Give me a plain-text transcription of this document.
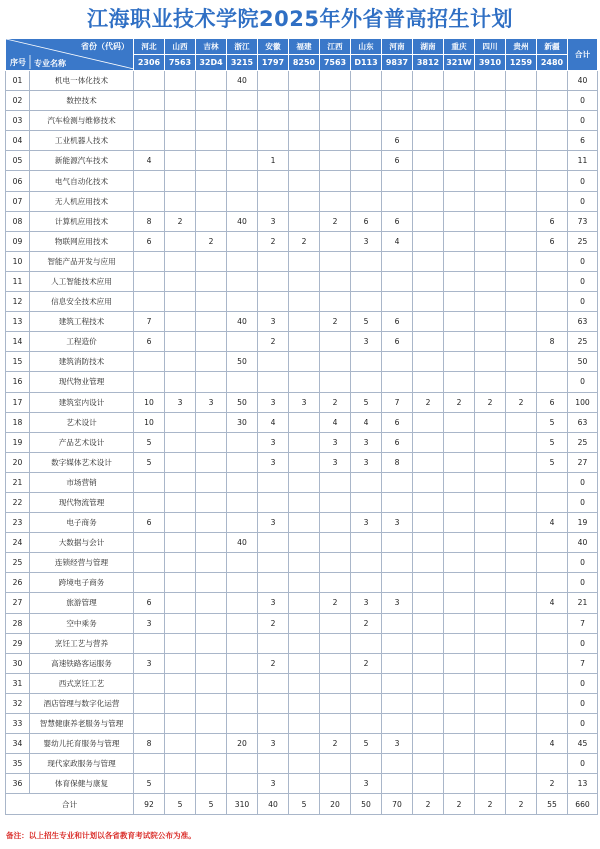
江海职业技术学院2025年外省普高招生计划
省份（代码）
序号 专业名称		河北	山西	吉林	浙江	安徽	福建	江西	山东	河南	湖南	重庆	四川	贵州	新疆	合计
		2306	7563	32D4	3215	1797	8250	7563	D113	9837	3812	321W	3910	1259	2480	
01	机电一体化技术				40											40
02	数控技术															0
03	汽车检测与维修技术															0
04	工业机器人技术									6						6
05	新能源汽车技术	4				1				6						11
06	电气自动化技术															0
07	无人机应用技术															0
08	计算机应用技术	8	2		40	3		2	6	6					6	73
09	物联网应用技术	6		2		2	2		3	4					6	25
10	智能产品开发与应用															0
11	人工智能技术应用															0
12	信息安全技术应用															0
13	建筑工程技术	7			40	3		2	5	6						63
14	工程造价	6				2			3	6					8	25
15	建筑消防技术				50											50
16	现代物业管理															0
17	建筑室内设计	10	3	3	50	3	3	2	5	7	2	2	2	2	6	100
18	艺术设计	10			30	4		4	4	6					5	63
19	产品艺术设计	5				3		3	3	6					5	25
20	数字媒体艺术设计	5				3		3	3	8					5	27
21	市场营销															0
22	现代物流管理															0
23	电子商务	6				3			3	3					4	19
24	大数据与会计				40											40
25	连锁经营与管理															0
26	跨境电子商务															0
27	旅游管理	6				3		2	3	3					4	21
28	空中乘务	3				2			2							7
29	烹饪工艺与营养															0
30	高速铁路客运服务	3				2			2							7
31	西式烹饪工艺															0
32	酒店管理与数字化运营															0
33	智慧健康养老服务与管理															0
34	婴幼儿托育服务与管理	8			20	3		2	5	3					4	45
35	现代家政服务与管理															0
36	体育保健与康复	5				3			3						2	13
合计		92	5	5	310	40	5	20	50	70	2	2	2	2	55	660
备注：以上招生专业和计划以各省教育考试院公布为准。
